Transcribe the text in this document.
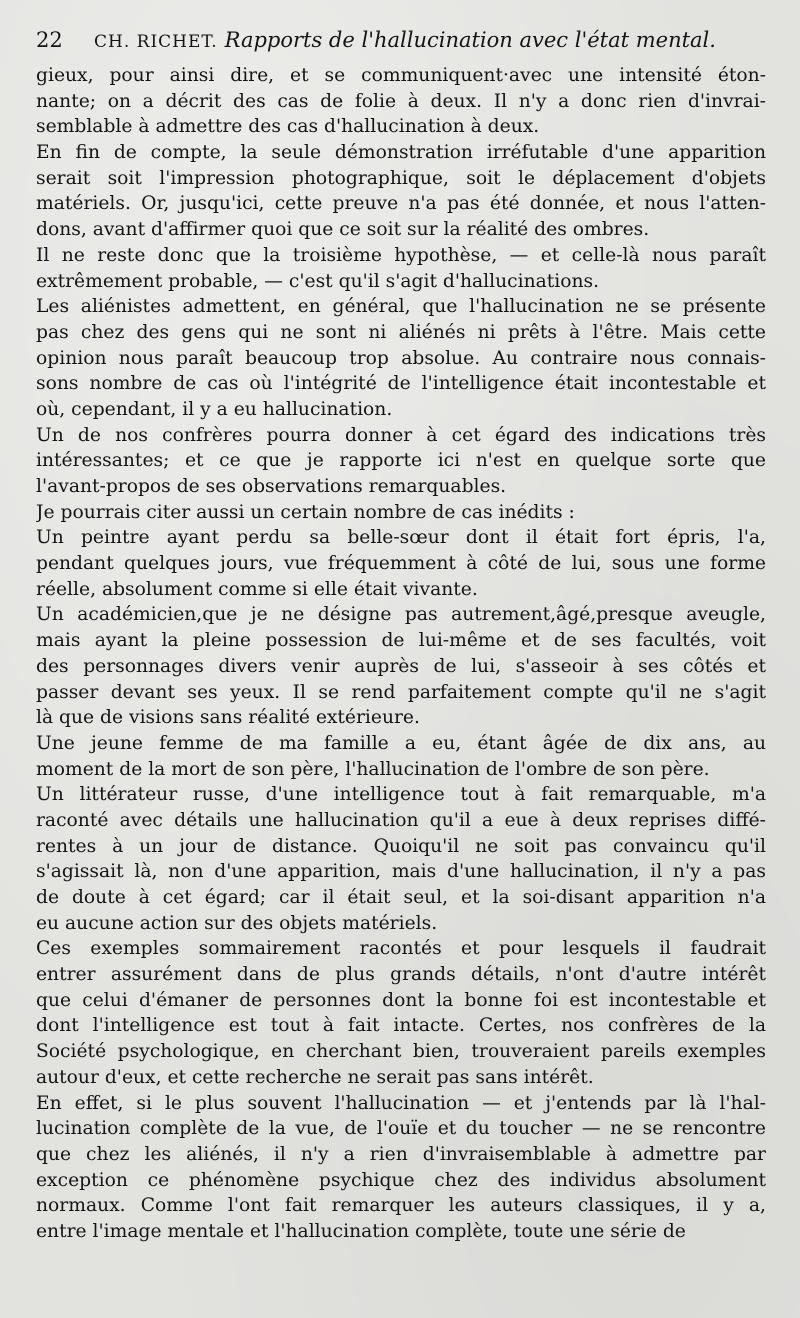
22	CH. RICHET. Rapports de l'hallucination avec l'état mental.
gieux, pour ainsi dire, et se communiquent·avec une intensité éton-
nante; on a décrit des cas de folie à deux. Il n'y a donc rien d'invrai-
semblable à admettre des cas d'hallucination à deux.
En fin de compte, la seule démonstration irréfutable d'une apparition
serait soit l'impression photographique, soit le déplacement d'objets
matériels. Or, jusqu'ici, cette preuve n'a pas été donnée, et nous l'atten-
dons, avant d'affirmer quoi que ce soit sur la réalité des ombres.
Il ne reste donc que la troisième hypothèse, — et celle-là nous paraît
extrêmement probable, — c'est qu'il s'agit d'hallucinations.
Les aliénistes admettent, en général, que l'hallucination ne se présente
pas chez des gens qui ne sont ni aliénés ni prêts à l'être. Mais cette
opinion nous paraît beaucoup trop absolue. Au contraire nous connais-
sons nombre de cas où l'intégrité de l'intelligence était incontestable et
où, cependant, il y a eu hallucination.
Un de nos confrères pourra donner à cet égard des indications très
intéressantes; et ce que je rapporte ici n'est en quelque sorte que
l'avant-propos de ses observations remarquables.
Je pourrais citer aussi un certain nombre de cas inédits :
Un peintre ayant perdu sa belle-sœur dont il était fort épris, l'a,
pendant quelques jours, vue fréquemment à côté de lui, sous une forme
réelle, absolument comme si elle était vivante.
Un académicien,que je ne désigne pas autrement,âgé,presque aveugle,
mais ayant la pleine possession de lui-même et de ses facultés, voit
des personnages divers venir auprès de lui, s'asseoir à ses côtés et
passer devant ses yeux. Il se rend parfaitement compte qu'il ne s'agit
là que de visions sans réalité extérieure.
Une jeune femme de ma famille a eu, étant âgée de dix ans, au
moment de la mort de son père, l'hallucination de l'ombre de son père.
Un littérateur russe, d'une intelligence tout à fait remarquable, m'a
raconté avec détails une hallucination qu'il a eue à deux reprises diffé-
rentes à un jour de distance. Quoiqu'il ne soit pas convaincu qu'il
s'agissait là, non d'une apparition, mais d'une hallucination, il n'y a pas
de doute à cet égard; car il était seul, et la soi-disant apparition n'a
eu aucune action sur des objets matériels.
Ces exemples sommairement racontés et pour lesquels il faudrait
entrer assurément dans de plus grands détails, n'ont d'autre intérêt
que celui d'émaner de personnes dont la bonne foi est incontestable et
dont l'intelligence est tout à fait intacte. Certes, nos confrères de la
Société psychologique, en cherchant bien, trouveraient pareils exemples
autour d'eux, et cette recherche ne serait pas sans intérêt.
En effet, si le plus souvent l'hallucination — et j'entends par là l'hal-
lucination complète de la vue, de l'ouïe et du toucher — ne se rencontre
que chez les aliénés, il n'y a rien d'invraisemblable à admettre par
exception ce phénomène psychique chez des individus absolument
normaux. Comme l'ont fait remarquer les auteurs classiques, il y a,
entre l'image mentale et l'hallucination complète, toute une série de
